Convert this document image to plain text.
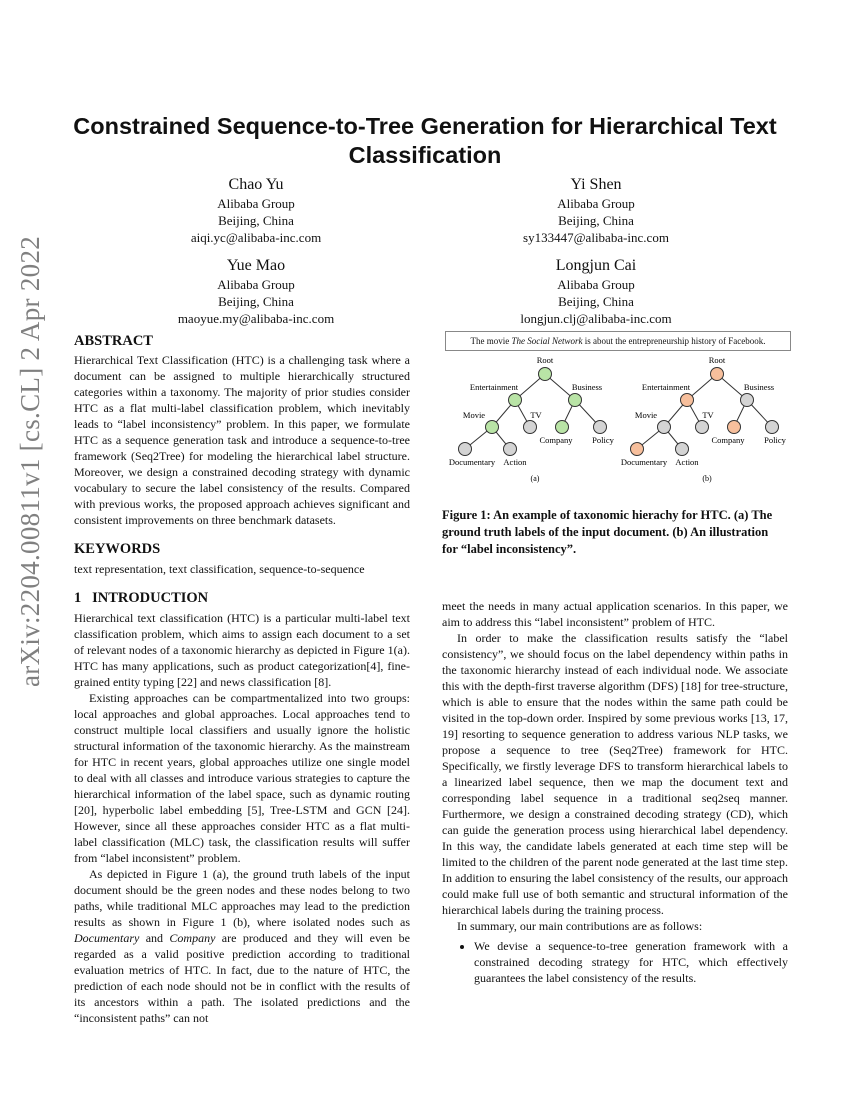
arXiv:2204.00811v1 [cs.CL] 2 Apr 2022
Constrained Sequence-to-Tree Generation for Hierarchical Text Classification
Chao Yu
Alibaba Group
Beijing, China
aiqi.yc@alibaba-inc.com
Yi Shen
Alibaba Group
Beijing, China
sy133447@alibaba-inc.com
Yue Mao
Alibaba Group
Beijing, China
maoyue.my@alibaba-inc.com
Longjun Cai
Alibaba Group
Beijing, China
longjun.clj@alibaba-inc.com
ABSTRACT

Hierarchical Text Classification (HTC) is a challenging task where a document can be assigned to multiple hierarchically structured categories within a taxonomy. The majority of prior studies consider HTC as a flat multi-label classification problem, which inevitably leads to “label inconsistency” problem. In this paper, we formulate HTC as a sequence generation task and introduce a sequence-to-tree framework (Seq2Tree) for modeling the hierarchical label structure. Moreover, we design a constrained decoding strategy with dynamic vocabulary to secure the label consistency of the results. Compared with previous works, the proposed approach achieves significant and consistent improvements on three benchmark datasets.

KEYWORDS

text representation, text classification, sequence-to-sequence

1   INTRODUCTION

Hierarchical text classification (HTC) is a particular multi-label text classification problem, which aims to assign each document to a set of relevant nodes of a taxonomic hierarchy as depicted in Figure 1(a). HTC has many applications, such as product categorization[4], fine-grained entity typing [22] and news classification [8].

Existing approaches can be compartmentalized into two groups: local approaches and global approaches. Local approaches tend to construct multiple local classifiers and usually ignore the holistic structural information of the taxonomic hierarchy. As the mainstream for HTC in recent years, global approaches utilize one single model to deal with all classes and introduce various strategies to capture the hierarchical information of the label space, such as dynamic routing [20], hyperbolic label embedding [5], Tree-LSTM and GCN [24]. However, since all these approaches consider HTC as a flat multi-label classification (MLC) task, the classification results will suffer from “label inconsistent” problem.

As depicted in Figure 1 (a), the ground truth labels of the input document should be the green nodes and these nodes belong to two paths, while traditional MLC approaches may lead to the prediction results as shown in Figure 1 (b), where isolated nodes such as Documentary and Company are produced and they will even be regarded as a valid positive prediction according to traditional evaluation metrics of HTC. In fact, due to the nature of HTC, the prediction of each node should not be in conflict with the results of its ancestors within a path. The isolated predictions and the “inconsistent paths” can not

The movie The Social Network is about the entrepreneurship history of Facebook.
Root
Entertainment	Business
Movie	TV
Company Policy
Documentary Action
(a)
Root
Entertainment	Business
Movie	TV
Company Policy
Documentary Action
(b)
Figure 1: An example of taxonomic hierachy for HTC. (a) The ground truth labels of the input document. (b) An illustration for “label inconsistency”.

meet the needs in many actual application scenarios. In this paper, we aim to address this “label inconsistent” problem of HTC.

In order to make the classification results satisfy the “label consistency”, we should focus on the label dependency within paths in the taxonomic hierarchy instead of each individual node. We associate this with the depth-first traverse algorithm (DFS) [18] for tree-structure, which is able to ensure that the nodes within the same path could be visited in the top-down order. Inspired by some previous works [13, 17, 19] resorting to sequence generation to address various NLP tasks, we propose a sequence to tree (Seq2Tree) framework for HTC. Specifically, we firstly leverage DFS to transform hierarchical labels to a linearized label sequence, then we map the document text and corresponding label sequence in a traditional seq2seq manner. Furthermore, we design a constrained decoding strategy (CD), which can guide the generation process using hierarchical label dependency. In this way, the candidate labels generated at each time step will be limited to the children of the parent node generated at the last time step. In addition to ensuring the label consistency of the results, our approach could make full use of both semantic and structural information of the hierarchical labels during the training process.

In summary, our main contributions are as follows:

• We devise a sequence-to-tree generation framework with a constrained decoding strategy for HTC, which effectively guarantees the label consistency of the results.
